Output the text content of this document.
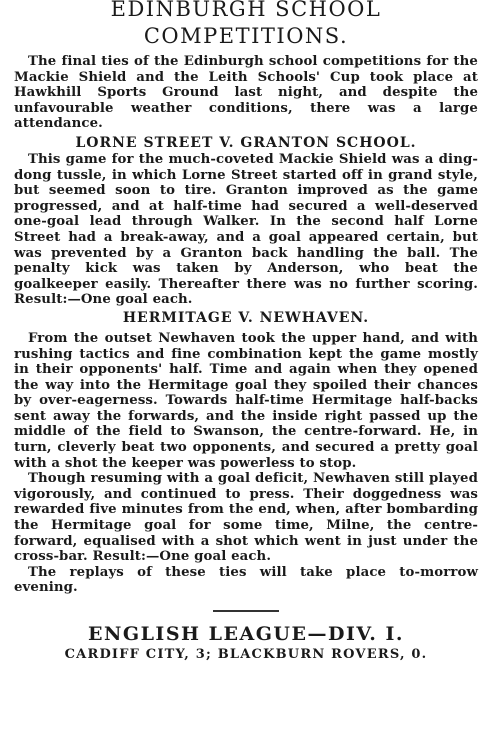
EDINBURGH SCHOOL
COMPETITIONS.

The final ties of the Edinburgh school competitions for the Mackie Shield and the Leith Schools' Cup took place at Hawkhill Sports Ground last night, and despite the unfavourable weather conditions, there was a large attendance.

LORNE STREET V. GRANTON SCHOOL.

This game for the much-coveted Mackie Shield was a ding-dong tussle, in which Lorne Street started off in grand style, but seemed soon to tire. Granton improved as the game progressed, and at half-time had secured a well-deserved one-goal lead through Walker. In the second half Lorne Street had a break-away, and a goal appeared certain, but was prevented by a Granton back handling the ball. The penalty kick was taken by Anderson, who beat the goalkeeper easily. Thereafter there was no further scoring. Result:—One goal each.

HERMITAGE V. NEWHAVEN.

From the outset Newhaven took the upper hand, and with rushing tactics and fine combination kept the game mostly in their opponents' half. Time and again when they opened the way into the Hermitage goal they spoiled their chances by over-eagerness. Towards half-time Hermitage half-backs sent away the forwards, and the inside right passed up the middle of the field to Swanson, the centre-forward. He, in turn, cleverly beat two opponents, and secured a pretty goal with a shot the keeper was powerless to stop.

Though resuming with a goal deficit, Newhaven still played vigorously, and continued to press. Their doggedness was rewarded five minutes from the end, when, after bombarding the Hermitage goal for some time, Milne, the centre-forward, equalised with a shot which went in just under the cross-bar. Result:—One goal each.

The replays of these ties will take place to-morrow evening.

ENGLISH LEAGUE—DIV. I.

CARDIFF CITY, 3; BLACKBURN ROVERS, 0.
